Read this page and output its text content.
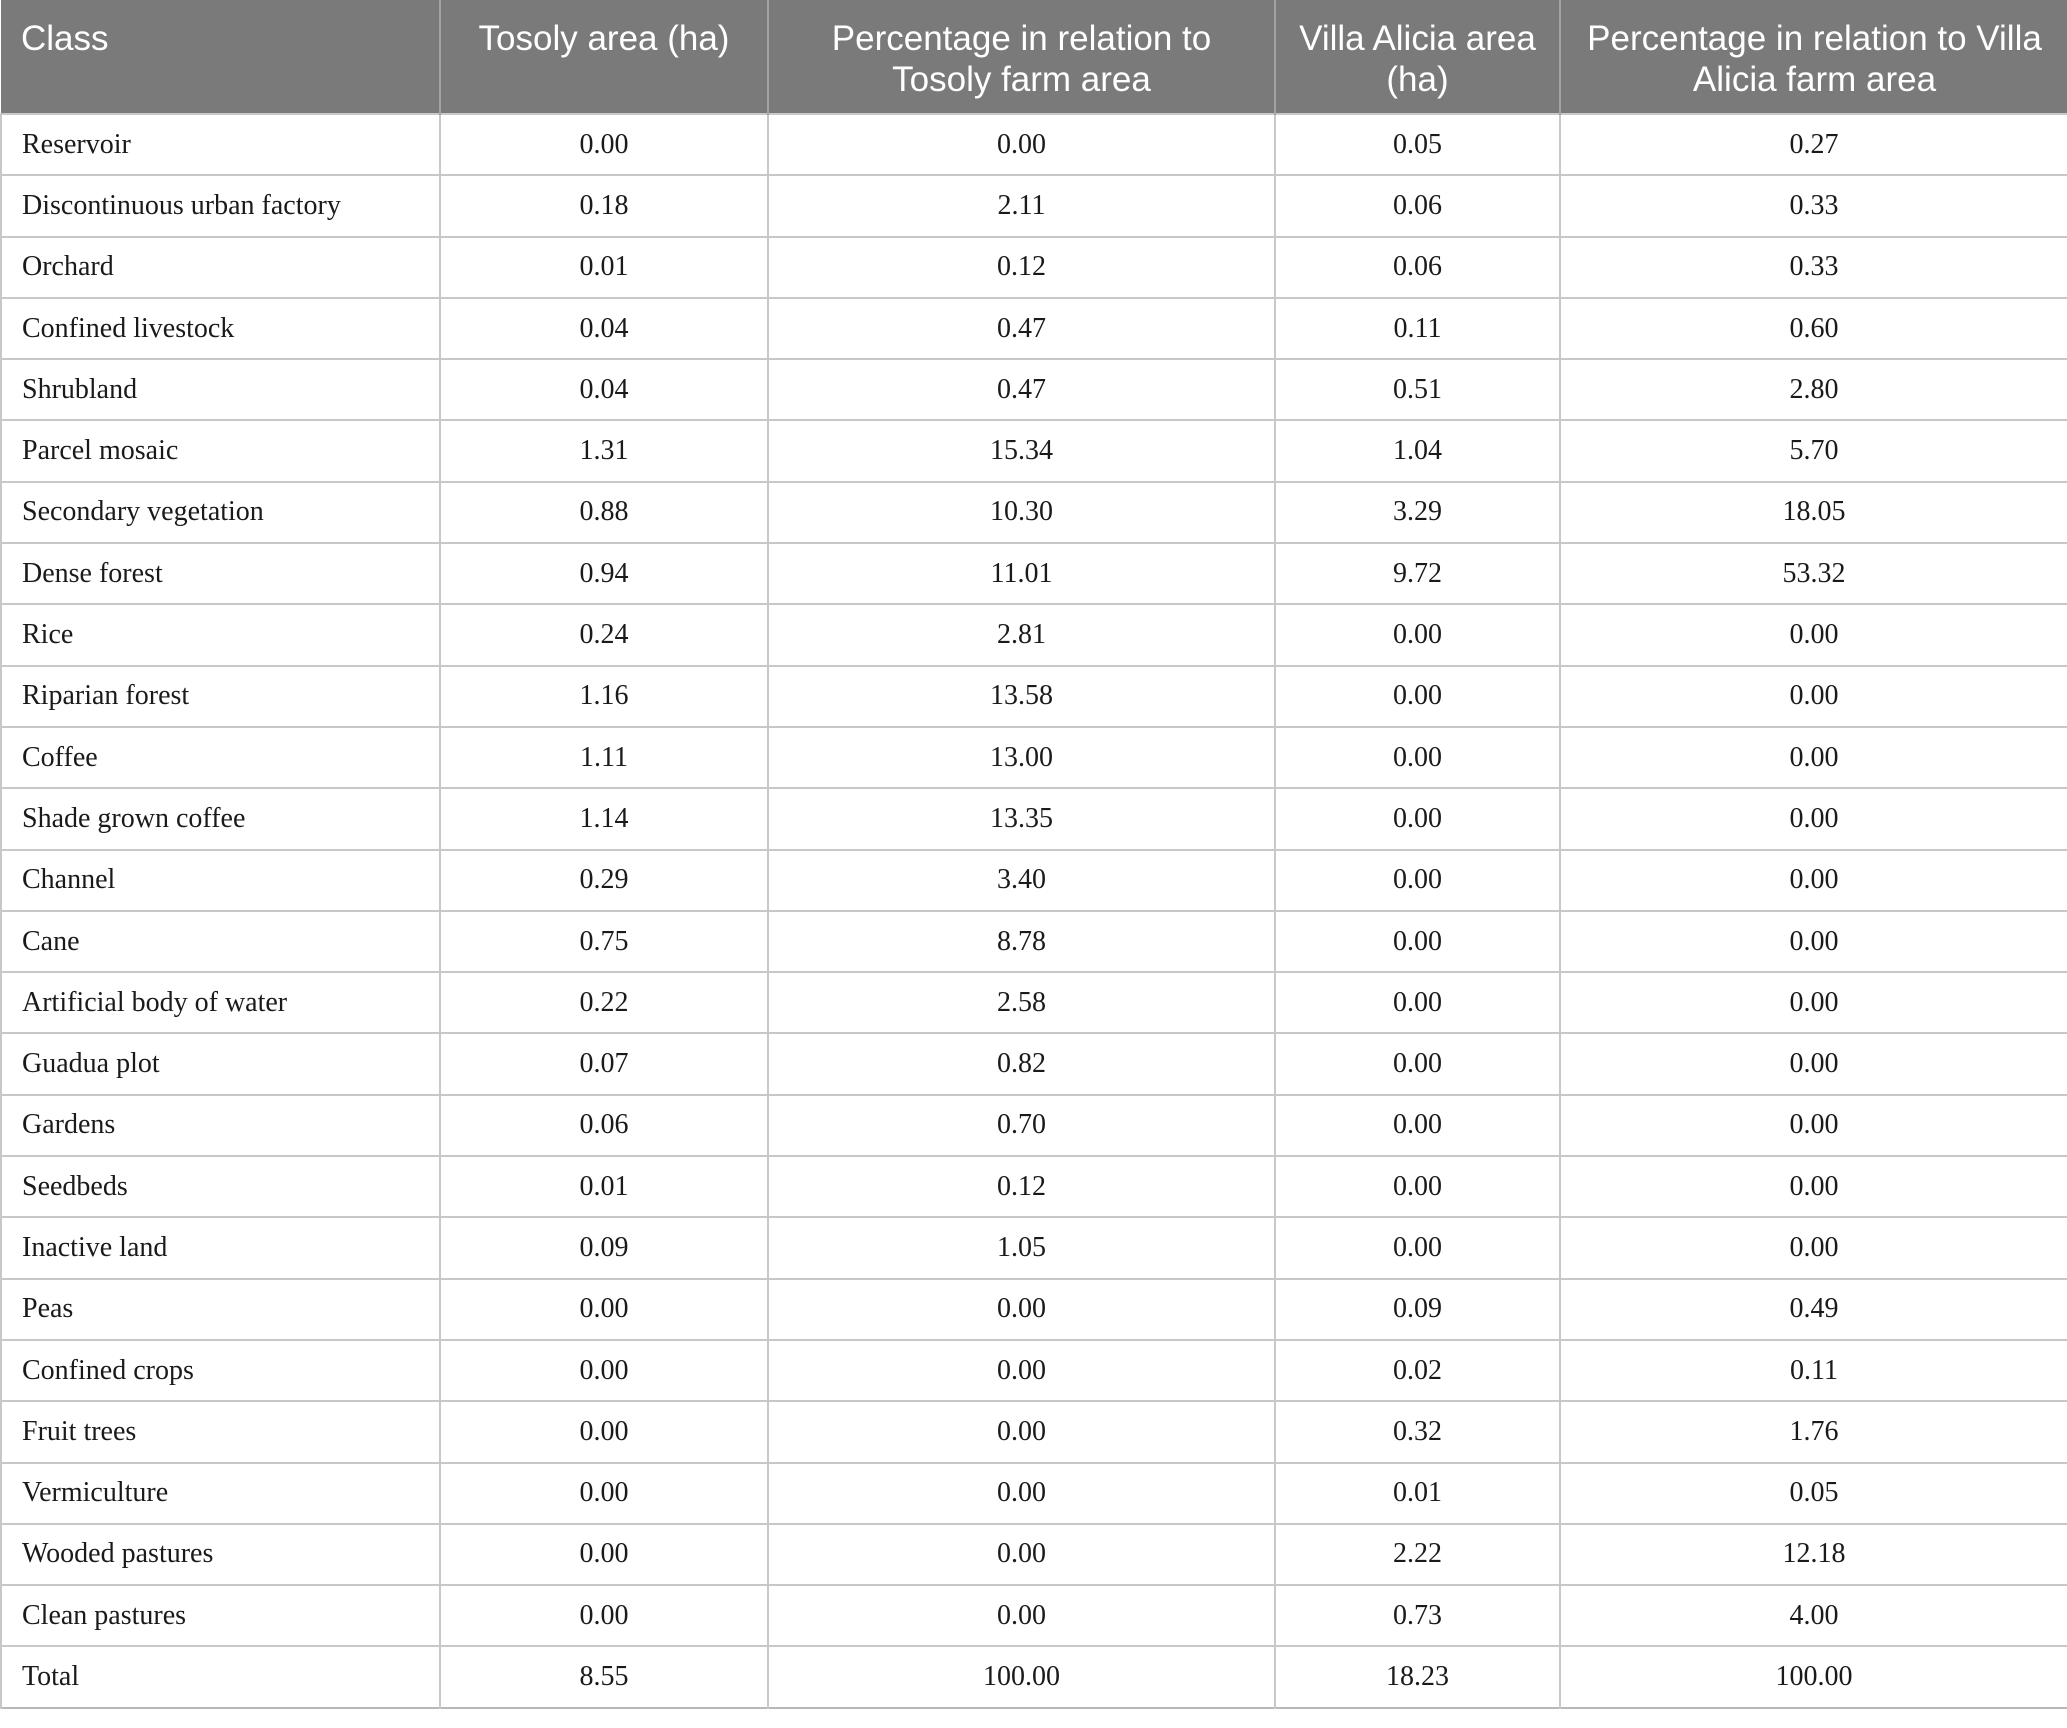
Class	Tosoly area (ha)	Percentage in relation to Tosoly farm area	Villa Alicia area (ha)	Percentage in relation to Villa Alicia farm area
Reservoir	0.00	0.00	0.05	0.27
Discontinuous urban factory	0.18	2.11	0.06	0.33
Orchard	0.01	0.12	0.06	0.33
Confined livestock	0.04	0.47	0.11	0.60
Shrubland	0.04	0.47	0.51	2.80
Parcel mosaic	1.31	15.34	1.04	5.70
Secondary vegetation	0.88	10.30	3.29	18.05
Dense forest	0.94	11.01	9.72	53.32
Rice	0.24	2.81	0.00	0.00
Riparian forest	1.16	13.58	0.00	0.00
Coffee	1.11	13.00	0.00	0.00
Shade grown coffee	1.14	13.35	0.00	0.00
Channel	0.29	3.40	0.00	0.00
Cane	0.75	8.78	0.00	0.00
Artificial body of water	0.22	2.58	0.00	0.00
Guadua plot	0.07	0.82	0.00	0.00
Gardens	0.06	0.70	0.00	0.00
Seedbeds	0.01	0.12	0.00	0.00
Inactive land	0.09	1.05	0.00	0.00
Peas	0.00	0.00	0.09	0.49
Confined crops	0.00	0.00	0.02	0.11
Fruit trees	0.00	0.00	0.32	1.76
Vermiculture	0.00	0.00	0.01	0.05
Wooded pastures	0.00	0.00	2.22	12.18
Clean pastures	0.00	0.00	0.73	4.00
Total	8.55	100.00	18.23	100.00
